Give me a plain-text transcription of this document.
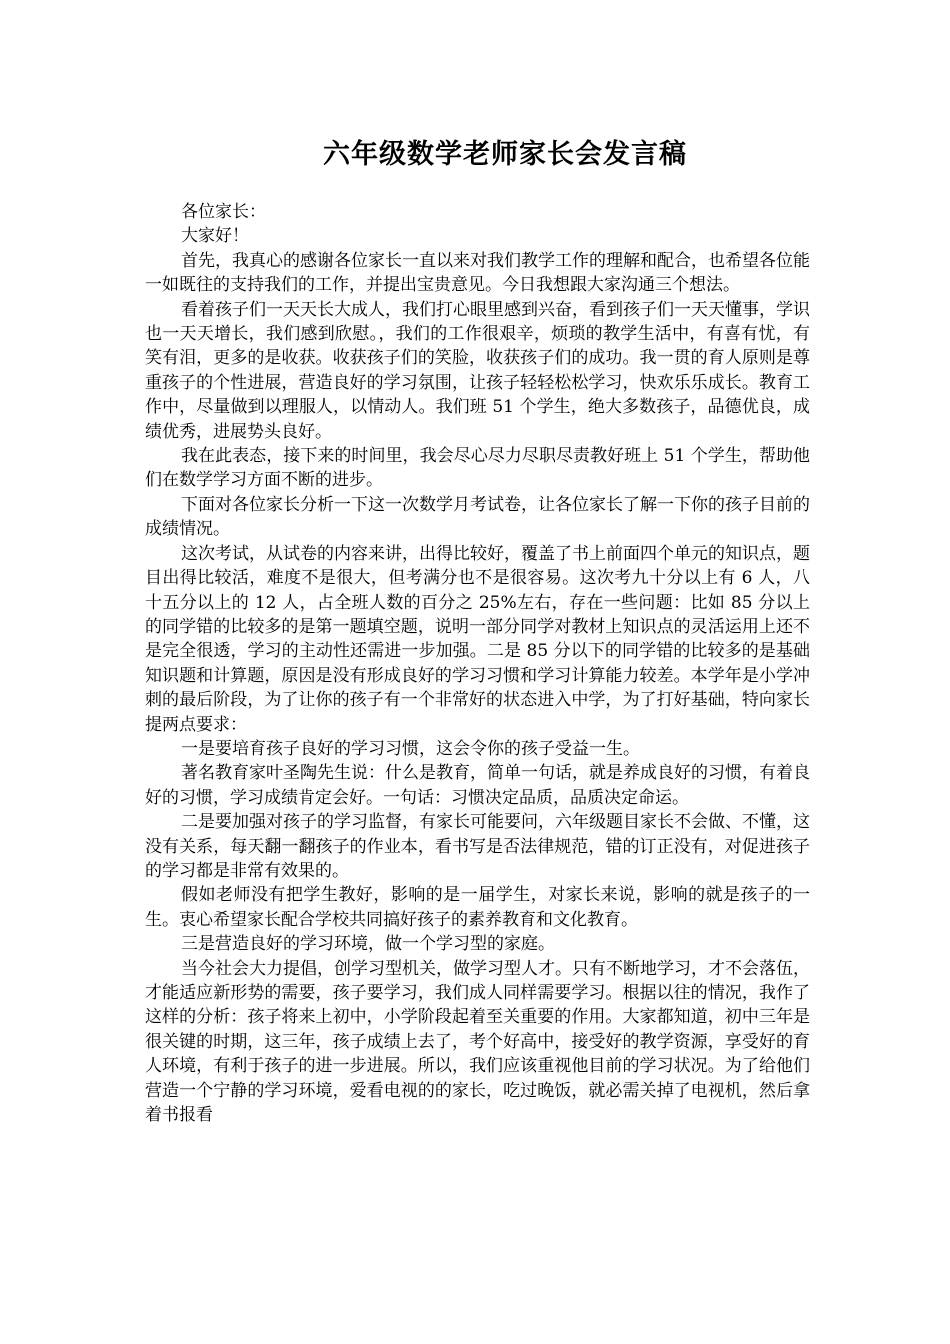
六年级数学老师家长会发言稿

各位家长：

大家好！

首先，我真心的感谢各位家长一直以来对我们教学工作的理解和配合，也希望各位能一如既往的支持我们的工作，并提出宝贵意见。今日我想跟大家沟通三个想法。

看着孩子们一天天长大成人，我们打心眼里感到兴奋，看到孩子们一天天懂事，学识也一天天增长，我们感到欣慰。，我们的工作很艰辛，烦琐的教学生活中，有喜有忧，有笑有泪，更多的是收获。收获孩子们的笑脸，收获孩子们的成功。我一贯的育人原则是尊重孩子的个性进展，营造良好的学习氛围，让孩子轻轻松松学习，快欢乐乐成长。教育工作中，尽量做到以理服人，以情动人。我们班 51 个学生，绝大多数孩子，品德优良，成绩优秀，进展势头良好。

我在此表态，接下来的时间里，我会尽心尽力尽职尽责教好班上 51 个学生，帮助他们在数学学习方面不断的进步。

下面对各位家长分析一下这一次数学月考试卷，让各位家长了解一下你的孩子目前的成绩情况。

这次考试，从试卷的内容来讲，出得比较好，覆盖了书上前面四个单元的知识点，题目出得比较活，难度不是很大，但考满分也不是很容易。这次考九十分以上有 6 人，八十五分以上的 12 人，占全班人数的百分之 25%左右，存在一些问题：比如 85 分以上的同学错的比较多的是第一题填空题，说明一部分同学对教材上知识点的灵活运用上还不是完全很透，学习的主动性还需进一步加强。二是 85 分以下的同学错的比较多的是基础知识题和计算题，原因是没有形成良好的学习习惯和学习计算能力较差。本学年是小学冲刺的最后阶段，为了让你的孩子有一个非常好的状态进入中学，为了打好基础，特向家长提两点要求：

一是要培育孩子良好的学习习惯，这会令你的孩子受益一生。

著名教育家叶圣陶先生说：什么是教育，简单一句话，就是养成良好的习惯，有着良好的习惯，学习成绩肯定会好。一句话：习惯决定品质，品质决定命运。

二是要加强对孩子的学习监督，有家长可能要问，六年级题目家长不会做、不懂，这没有关系，每天翻一翻孩子的作业本，看书写是否法律规范，错的订正没有，对促进孩子的学习都是非常有效果的。

假如老师没有把学生教好，影响的是一届学生，对家长来说，影响的就是孩子的一生。衷心希望家长配合学校共同搞好孩子的素养教育和文化教育。

三是营造良好的学习环境，做一个学习型的家庭。

当今社会大力提倡，创学习型机关，做学习型人才。只有不断地学习，才不会落伍，才能适应新形势的需要，孩子要学习，我们成人同样需要学习。根据以往的情况，我作了这样的分析：孩子将来上初中，小学阶段起着至关重要的作用。大家都知道，初中三年是很关键的时期，这三年，孩子成绩上去了，考个好高中，接受好的教学资源，享受好的育人环境，有利于孩子的进一步进展。所以，我们应该重视他目前的学习状况。为了给他们营造一个宁静的学习环境，爱看电视的的家长，吃过晚饭，就必需关掉了电视机，然后拿着书报看
